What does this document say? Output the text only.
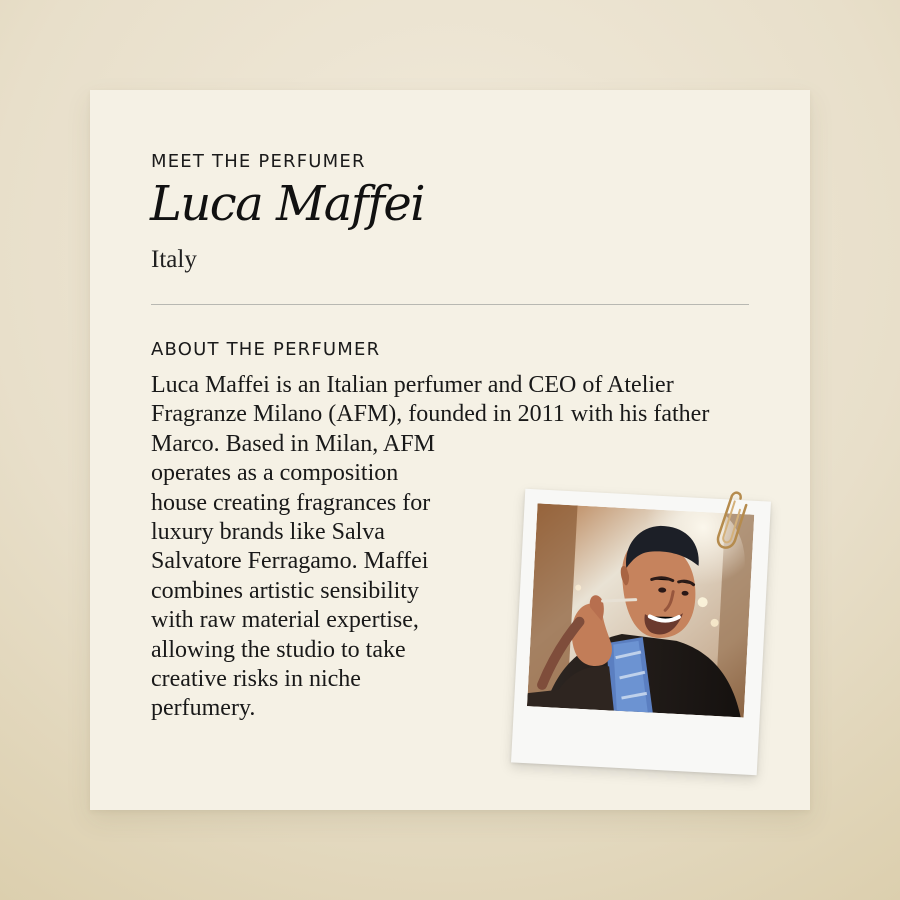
MEET THE PERFUMER
Luca Maffei
Italy
ABOUT THE PERFUMER
Luca Maffei is an Italian perfumer and CEO of Atelier Fragranze Milano (AFM), founded in 2011 with his father Marco. Based in Milan, AFM operates as a composition house creating fragrances for luxury brands like Salva Salvatore Ferragamo. Maffei combines artistic sensibility with raw material expertise, allowing the studio to take creative risks in niche perfumery.
